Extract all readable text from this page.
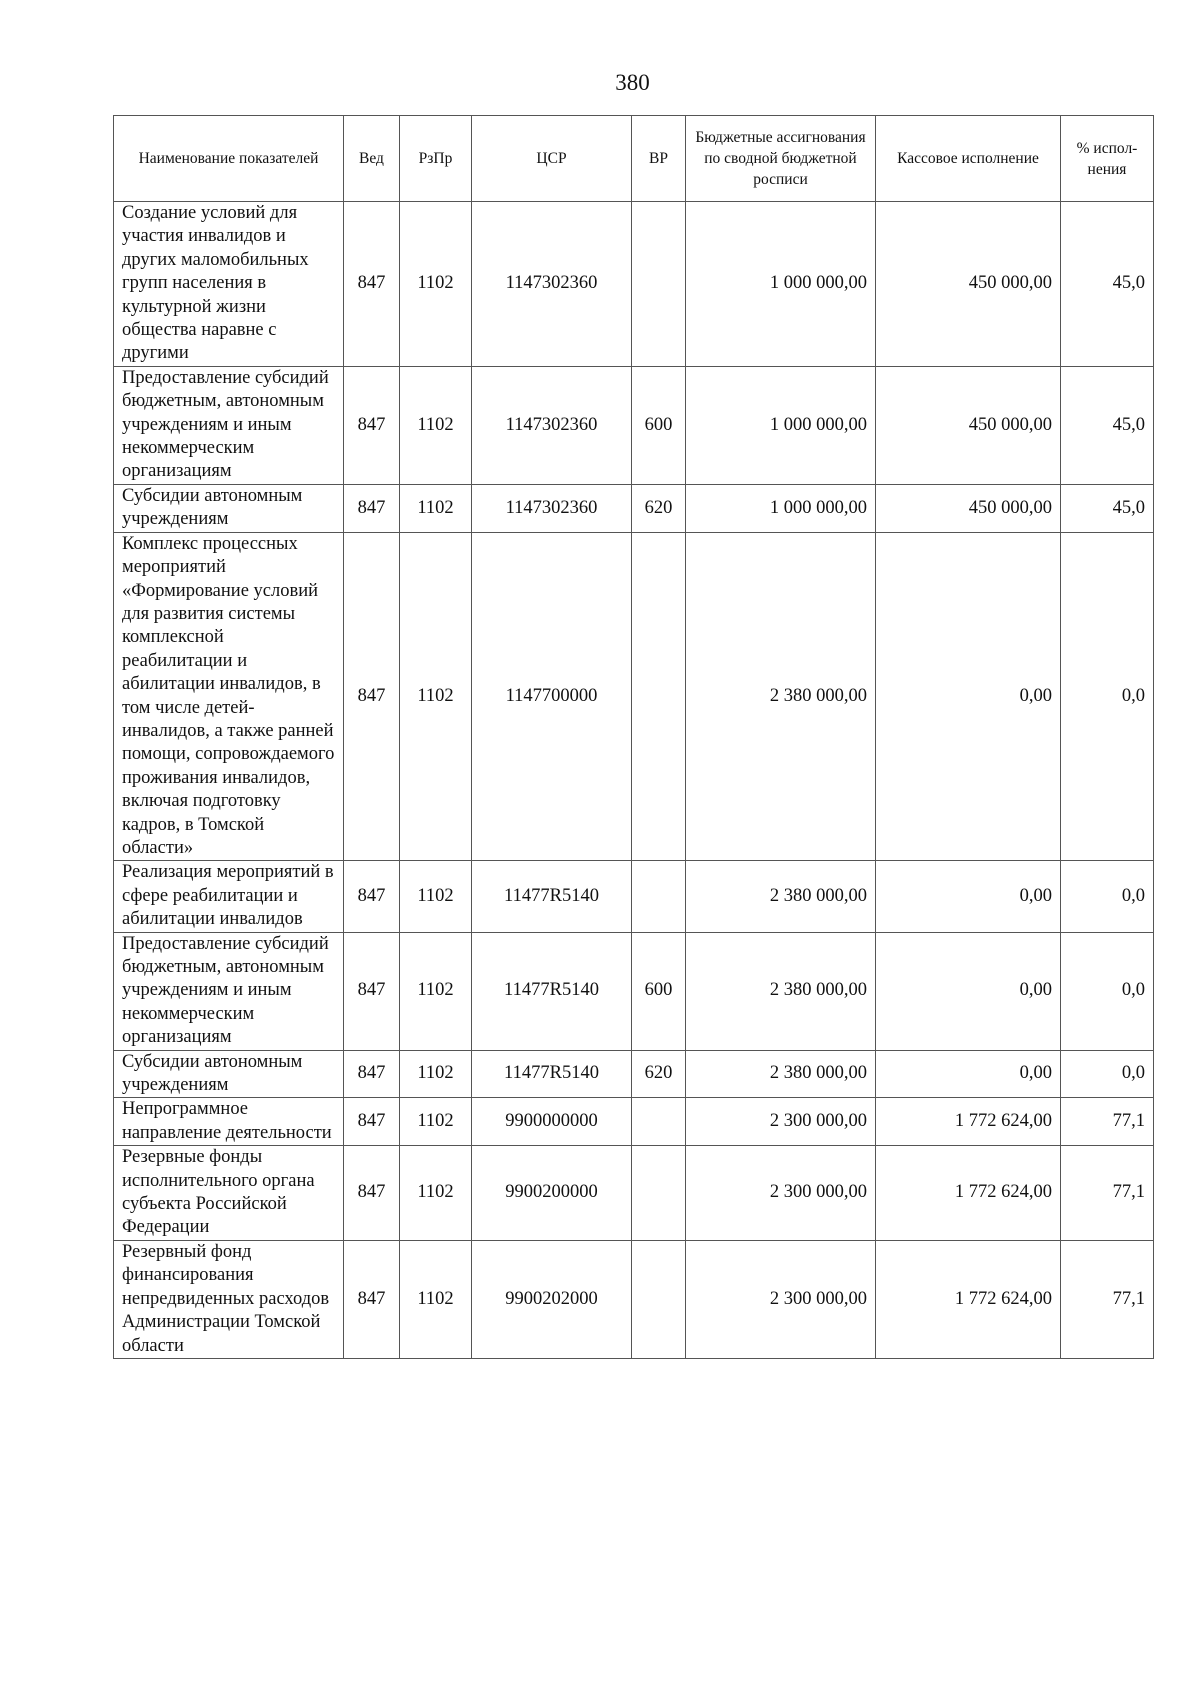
380
Наименование показателей	Вед	РзПр	ЦСР	ВР	Бюджетные ассигнования по сводной бюджетной росписи	Кассовое исполнение	% испол-нения
Создание условий для участия инвалидов и других маломобильных групп населения в культурной жизни общества наравне с другими	847	1102	1147302360		1 000 000,00	450 000,00	45,0
Предоставление субсидий бюджетным, автономным учреждениям и иным некоммерческим организациям	847	1102	1147302360	600	1 000 000,00	450 000,00	45,0
Субсидии автономным учреждениям	847	1102	1147302360	620	1 000 000,00	450 000,00	45,0
Комплекс процессных мероприятий «Формирование условий для развития системы комплексной реабилитации и абилитации инвалидов, в том числе детей-инвалидов, а также ранней помощи, сопровождаемого проживания инвалидов, включая подготовку кадров, в Томской области»	847	1102	1147700000		2 380 000,00	0,00	0,0
Реализация мероприятий в сфере реабилитации и абилитации инвалидов	847	1102	11477R5140		2 380 000,00	0,00	0,0
Предоставление субсидий бюджетным, автономным учреждениям и иным некоммерческим организациям	847	1102	11477R5140	600	2 380 000,00	0,00	0,0
Субсидии автономным учреждениям	847	1102	11477R5140	620	2 380 000,00	0,00	0,0
Непрограммное направление деятельности	847	1102	9900000000		2 300 000,00	1 772 624,00	77,1
Резервные фонды исполнительного органа субъекта Российской Федерации	847	1102	9900200000		2 300 000,00	1 772 624,00	77,1
Резервный фонд финансирования непредвиденных расходов Администрации Томской области	847	1102	9900202000		2 300 000,00	1 772 624,00	77,1
